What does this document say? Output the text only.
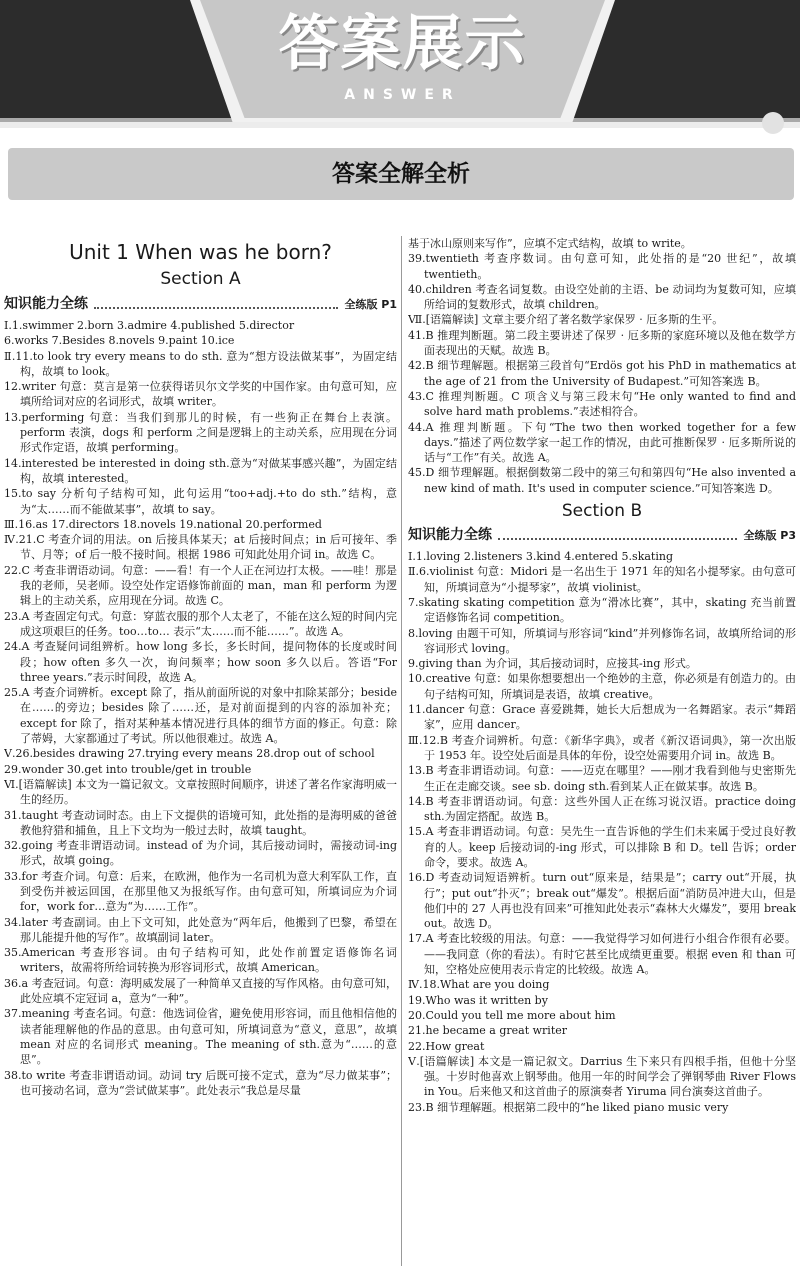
答案展示
ANSWER
答案全解全析
Unit 1 When was he born?
Section A
知识能力全练	全练版 P1
Ⅰ.1.swimmer 2.born 3.admire 4.published 5.director
6.works 7.Besides 8.novels 9.paint 10.ice
Ⅱ.11.to look try every means to do sth. 意为“想方设法做某事”，为固定结构，故填 to look。
12.writer 句意：莫言是第一位获得诺贝尔文学奖的中国作家。由句意可知，应填所给词对应的名词形式，故填 writer。
13.performing 句意：当我们到那儿的时候，有一些狗正在舞台上表演。perform 表演，dogs 和 perform 之间是逻辑上的主动关系，应用现在分词形式作定语，故填 performing。
14.interested be interested in doing sth.意为“对做某事感兴趣”，为固定结构，故填 interested。
15.to say 分析句子结构可知，此句运用“too+adj.+to do sth.”结构，意为“太……而不能做某事”，故填 to say。
Ⅲ.16.as 17.directors 18.novels 19.national 20.performed
Ⅳ.21.C 考查介词的用法。on 后接具体某天；at 后接时间点；in 后可接年、季节、月等；of 后一般不接时间。根据 1986 可知此处用介词 in。故选 C。
22.C 考查非谓语动词。句意：——看！有一个人正在河边打太极。——哇！那是我的老师，吴老师。设空处作定语修饰前面的 man，man 和 perform 为逻辑上的主动关系，应用现在分词。故选 C。
23.A 考查固定句式。句意：穿蓝衣服的那个人太老了，不能在这么短的时间内完成这项艰巨的任务。too…to… 表示“太……而不能……”。故选 A。
24.A 考查疑问词组辨析。how long 多长，多长时间，提问物体的长度或时间段；how often 多久一次，询问频率；how soon 多久以后。答语“For three years.”表示时间段，故选 A。
25.A 考查介词辨析。except 除了，指从前面所说的对象中扣除某部分；beside 在……的旁边；besides 除了……还，是对前面提到的内容的添加补充；except for 除了，指对某种基本情况进行具体的细节方面的修正。句意：除了蒂姆，大家都通过了考试。所以他很难过。故选 A。
Ⅴ.26.besides drawing 27.trying every means 28.drop out of school
29.wonder 30.get into trouble/get in trouble
Ⅵ.[语篇解读] 本文为一篇记叙文。文章按照时间顺序，讲述了著名作家海明威一生的经历。
31.taught 考查动词时态。由上下文提供的语境可知，此处指的是海明威的爸爸教他狩猎和捕鱼，且上下文均为一般过去时，故填 taught。
32.going 考查非谓语动词。instead of 为介词，其后接动词时，需接动词-ing 形式，故填 going。
33.for 考查介词。句意：后来，在欧洲，他作为一名司机为意大利军队工作，直到受伤并被运回国，在那里他又为报纸写作。由句意可知，所填词应为介词 for，work for…意为“为……工作”。
34.later 考查副词。由上下文可知，此处意为“两年后，他搬到了巴黎，希望在那儿能提升他的写作”。故填副词 later。
35.American 考查形容词。由句子结构可知，此处作前置定语修饰名词 writers，故需将所给词转换为形容词形式，故填 American。
36.a 考查冠词。句意：海明威发展了一种简单又直接的写作风格。由句意可知，此处应填不定冠词 a，意为“一种”。
37.meaning 考查名词。句意：他选词俭省，避免使用形容词，而且他相信他的读者能理解他的作品的意思。由句意可知，所填词意为“意义，意思”，故填 mean 对应的名词形式 meaning。The meaning of sth.意为“……的意思”。
38.to write 考查非谓语动词。动词 try 后既可接不定式，意为“尽力做某事”；也可接动名词，意为“尝试做某事”。此处表示“我总是尽量
基于冰山原则来写作”，应填不定式结构，故填 to write。
39.twentieth 考查序数词。由句意可知，此处指的是“20 世纪”，故填 twentieth。
40.children 考查名词复数。由设空处前的主语、be 动词均为复数可知，应填所给词的复数形式，故填 children。
Ⅶ.[语篇解读] 文章主要介绍了著名数学家保罗 · 厄多斯的生平。
41.B 推理判断题。第二段主要讲述了保罗 · 厄多斯的家庭环境以及他在数学方面表现出的天赋。故选 B。
42.B 细节理解题。根据第三段首句“Erdös got his PhD in mathematics at the age of 21 from the University of Budapest.”可知答案选 B。
43.C 推理判断题。C 项含义与第三段末句“He only wanted to find and solve hard math problems.”表述相符合。
44.A 推理判断题。下句“The two then worked together for a few days.”描述了两位数学家一起工作的情况，由此可推断保罗 · 厄多斯所说的话与“工作”有关。故选 A。
45.D 细节理解题。根据倒数第二段中的第三句和第四句“He also invented a new kind of math. It's used in computer science.”可知答案选 D。
Section B
知识能力全练	全练版 P3
Ⅰ.1.loving 2.listeners 3.kind 4.entered 5.skating
Ⅱ.6.violinist 句意：Midori 是一名出生于 1971 年的知名小提琴家。由句意可知，所填词意为“小提琴家”，故填 violinist。
7.skating skating competition 意为“滑冰比赛”，其中，skating 充当前置定语修饰名词 competition。
8.loving 由题干可知，所填词与形容词“kind”并列修饰名词，故填所给词的形容词形式 loving。
9.giving than 为介词，其后接动词时，应接其-ing 形式。
10.creative 句意：如果你想要想出一个绝妙的主意，你必须是有创造力的。由句子结构可知，所填词是表语，故填 creative。
11.dancer 句意：Grace 喜爱跳舞，她长大后想成为一名舞蹈家。表示“舞蹈家”，应用 dancer。
Ⅲ.12.B 考查介词辨析。句意：《新华字典》，或者《新汉语词典》，第一次出版于 1953 年。设空处后面是具体的年份，设空处需要用介词 in。故选 B。
13.B 考查非谓语动词。句意：——迈克在哪里？——刚才我看到他与史密斯先生正在走廊交谈。see sb. doing sth.看到某人正在做某事。故选 B。
14.B 考查非谓语动词。句意：这些外国人正在练习说汉语。practice doing sth.为固定搭配。故选 B。
15.A 考查非谓语动词。句意：吴先生一直告诉他的学生们未来属于受过良好教育的人。keep 后接动词的-ing 形式，可以排除 B 和 D。tell 告诉；order 命令，要求。故选 A。
16.D 考查动词短语辨析。turn out“原来是，结果是”；carry out“开展，执行”；put out“扑灭”；break out“爆发”。根据后面“消防员冲进大山，但是他们中的 27 人再也没有回来”可推知此处表示“森林大火爆发”，要用 break out。故选 D。
17.A 考查比较级的用法。句意：——我觉得学习如何进行小组合作很有必要。——我同意（你的看法）。有时它甚至比成绩更重要。根据 even 和 than 可知，空格处应使用表示肯定的比较级。故选 A。
Ⅳ.18.What are you doing
19.Who was it written by
20.Could you tell me more about him
21.he became a great writer
22.How great
Ⅴ.[语篇解读] 本文是一篇记叙文。Darrius 生下来只有四根手指，但他十分坚强。十岁时他喜欢上钢琴曲。他用一年的时间学会了弹钢琴曲 River Flows in You。后来他又和这首曲子的原演奏者 Yiruma 同台演奏这首曲子。
23.B 细节理解题。根据第二段中的“he liked piano music very
